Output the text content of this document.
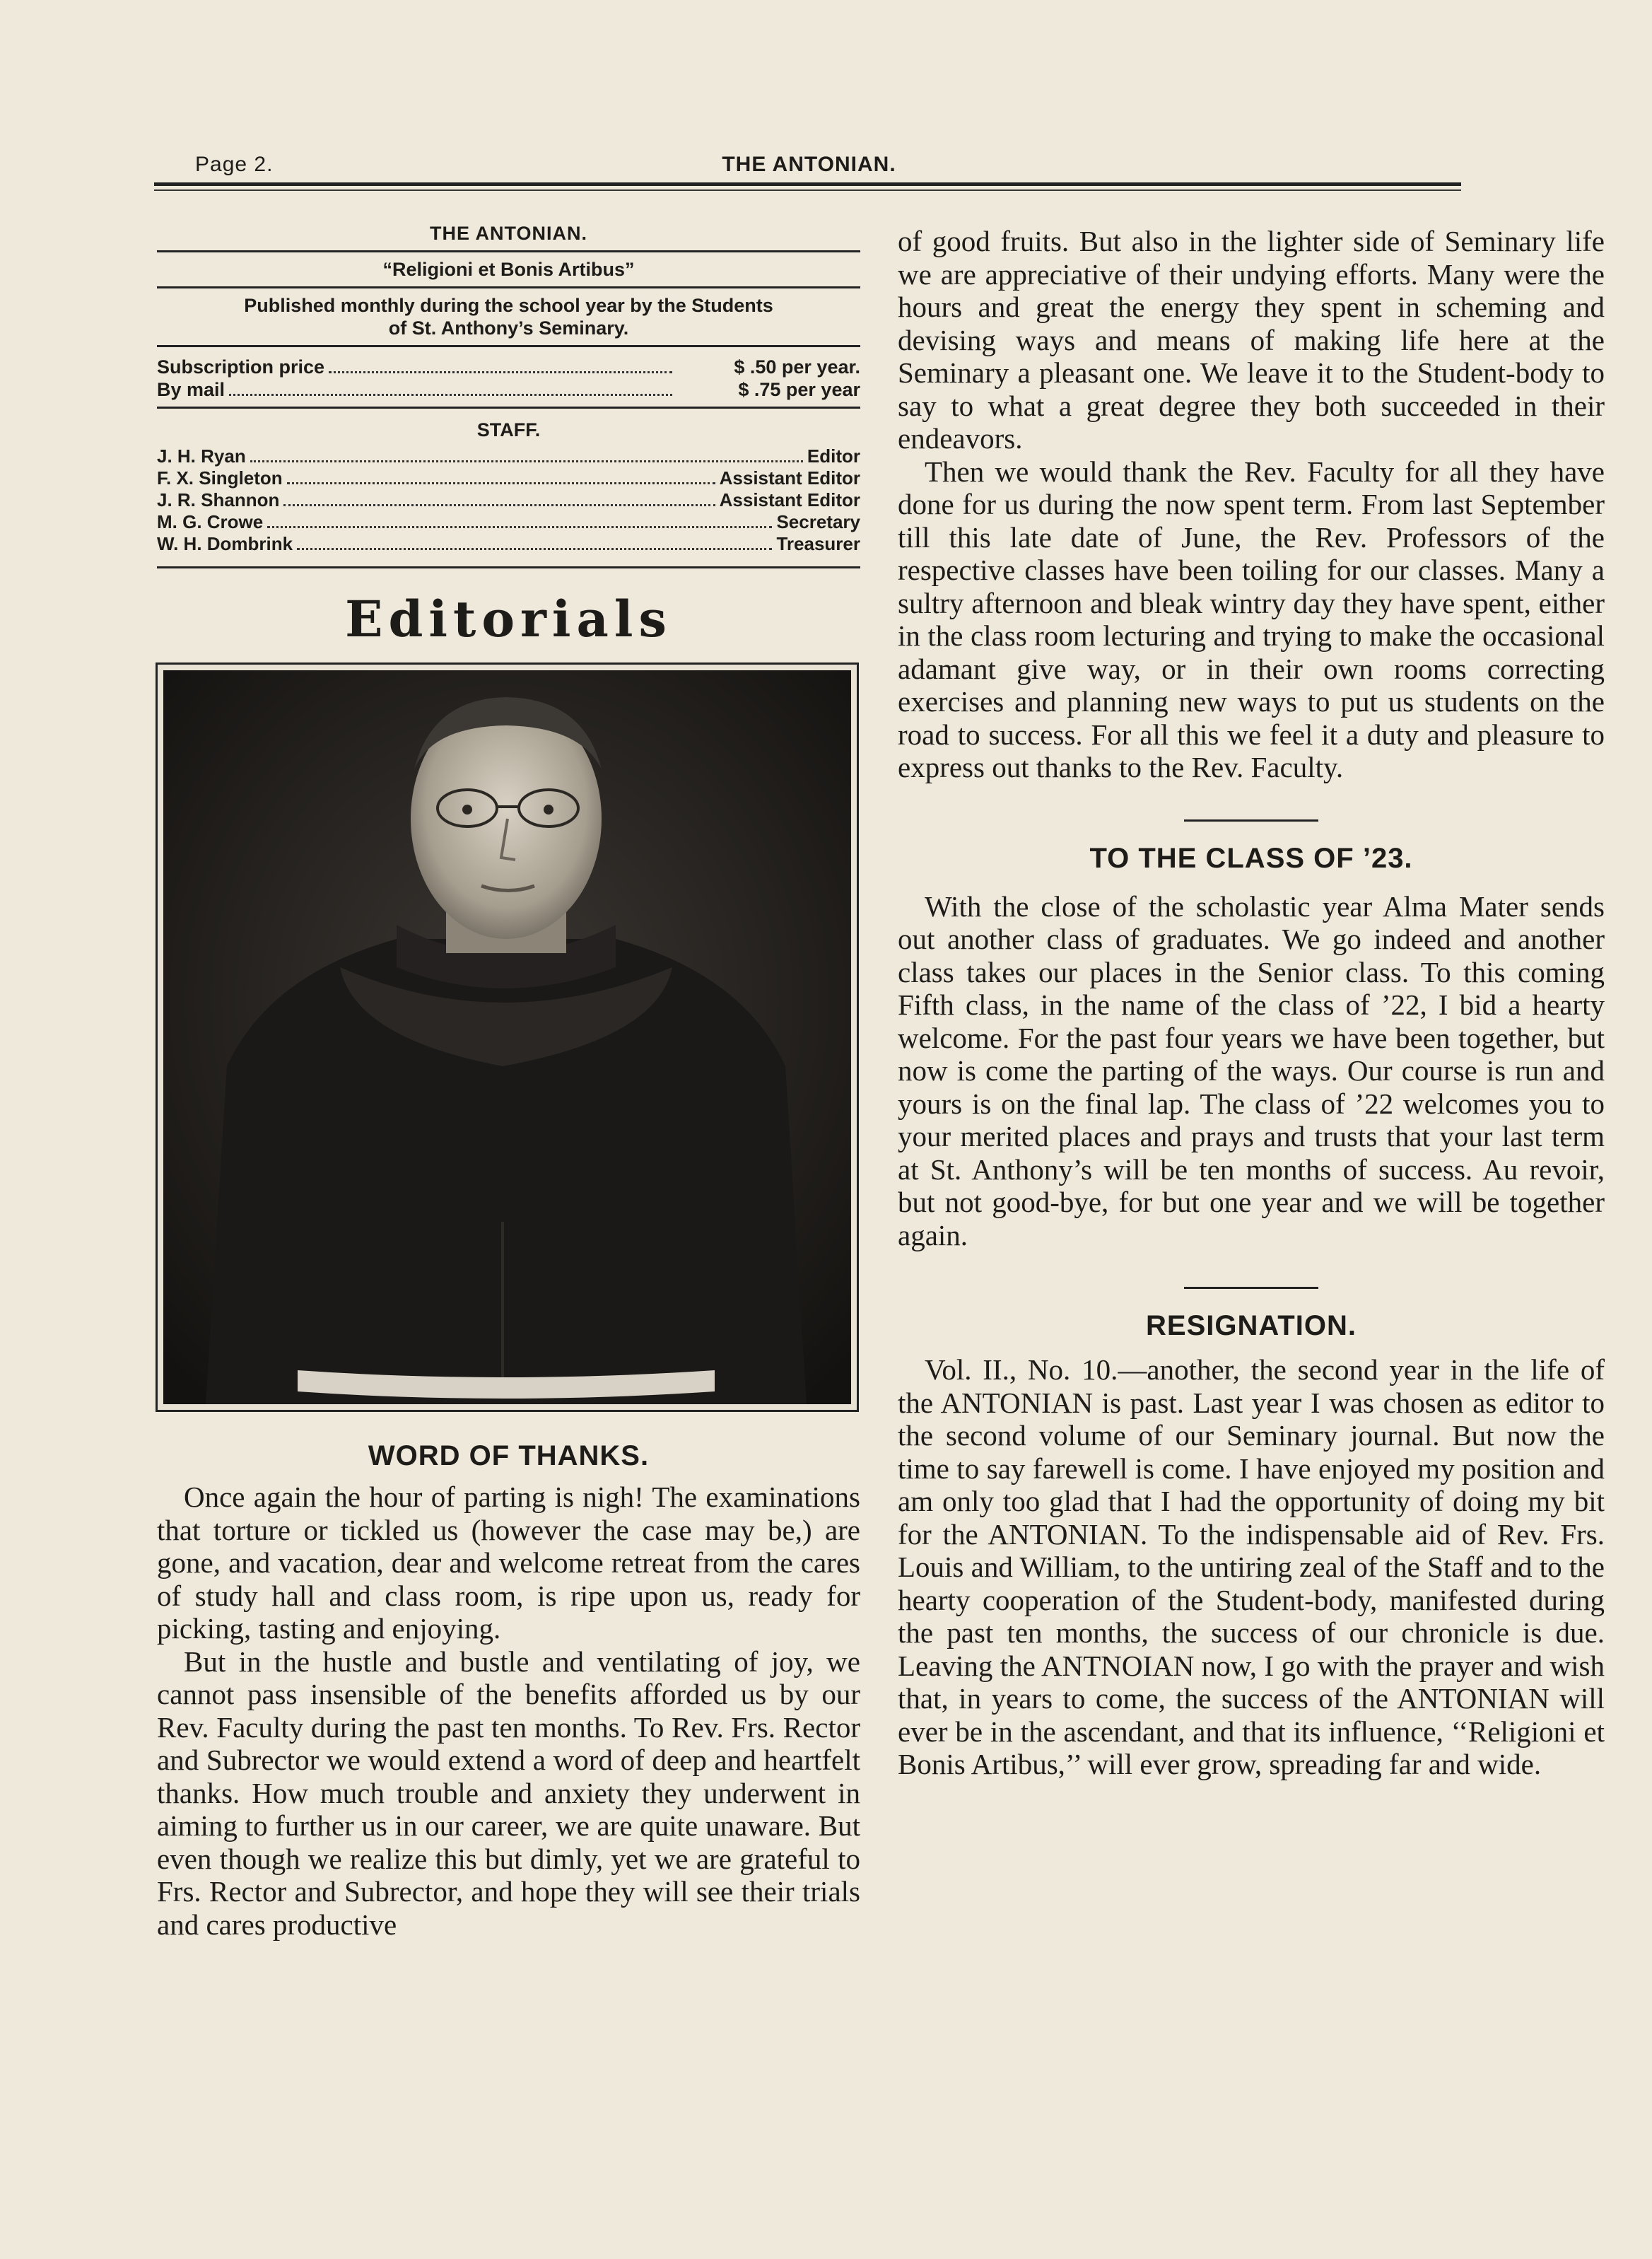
Page 2.	THE ANTONIAN.
THE ANTONIAN.
“Religioni et Bonis Artibus”
Published monthly during the school year by the Students
of St. Anthony’s Seminary.
Subscription price	$ .50 per year.
By mail	$ .75 per year
STAFF.
J. H. Ryan	Editor
F. X. Singleton	Assistant Editor
J. R. Shannon	Assistant Editor
M. G. Crowe	Secretary
W. H. Dombrink	Treasurer
Editorials
WORD OF THANKS.

Once again the hour of parting is nigh! The examinations that torture or tickled us (however the case may be,) are gone, and vacation, dear and welcome retreat from the cares of study hall and class room, is ripe upon us, ready for picking, tasting and enjoying.

But in the hustle and bustle and ventilating of joy, we cannot pass insensible of the benefits afforded us by our Rev. Faculty during the past ten months. To Rev. Frs. Rector and Subrector we would extend a word of deep and heartfelt thanks. How much trouble and anxiety they underwent in aiming to further us in our career, we are quite unaware. But even though we realize this but dimly, yet we are grateful to Frs. Rector and Subrector, and hope they will see their trials and cares productive

of good fruits. But also in the lighter side of Seminary life we are appreciative of their undying efforts. Many were the hours and great the energy they spent in scheming and devising ways and means of making life here at the Seminary a pleasant one. We leave it to the Student-body to say to what a great degree they both succeeded in their endeavors.

Then we would thank the Rev. Faculty for all they have done for us during the now spent term. From last September till this late date of June, the Rev. Professors of the respective classes have been toiling for our classes. Many a sultry afternoon and bleak wintry day they have spent, either in the class room lecturing and trying to make the occasional adamant give way, or in their own rooms correcting exercises and planning new ways to put us students on the road to success. For all this we feel it a duty and pleasure to express out thanks to the Rev. Faculty.

TO THE CLASS OF ’23.

With the close of the scholastic year Alma Mater sends out another class of graduates. We go indeed and another class takes our places in the Senior class. To this coming Fifth class, in the name of the class of ’22, I bid a hearty welcome. For the past four years we have been together, but now is come the parting of the ways. Our course is run and yours is on the final lap. The class of ’22 welcomes you to your merited places and prays and trusts that your last term at St. Anthony’s will be ten months of success. Au revoir, but not good-bye, for but one year and we will be together again.

RESIGNATION.

Vol. II., No. 10.—another, the second year in the life of the ANTONIAN is past. Last year I was chosen as editor to the second volume of our Seminary journal. But now the time to say farewell is come. I have enjoyed my position and am only too glad that I had the opportunity of doing my bit for the ANTONIAN. To the indispensable aid of Rev. Frs. Louis and William, to the untiring zeal of the Staff and to the hearty cooperation of the Student-body, manifested during the past ten months, the success of our chronicle is due. Leaving the ANTNOIAN now, I go with the prayer and wish that, in years to come, the success of the ANTONIAN will ever be in the ascendant, and that its influence, ‘‘Religioni et Bonis Artibus,’’ will ever grow, spreading far and wide.
